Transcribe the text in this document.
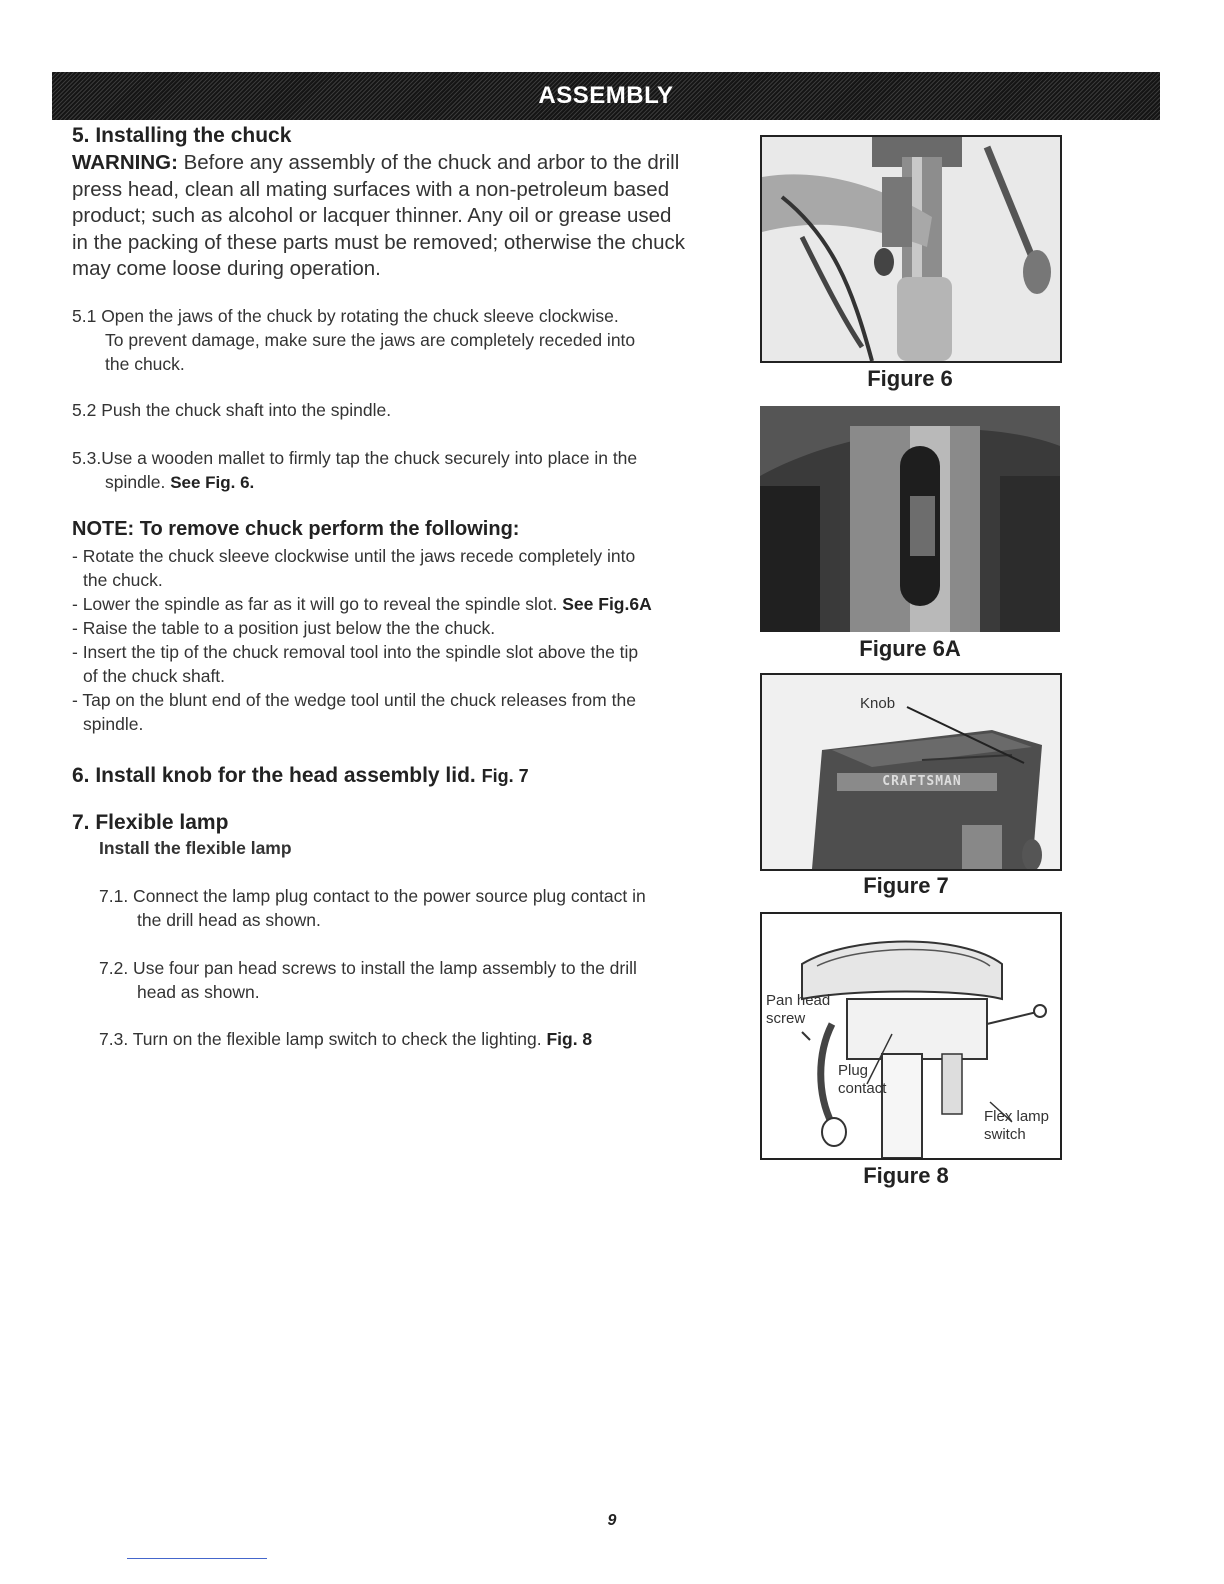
ASSEMBLY
5. Installing the chuck
WARNING: Before any assembly of the chuck and arbor to the drill
press head, clean all mating surfaces with a non-petroleum based
product; such as alcohol or lacquer thinner. Any oil or grease used
in the packing of these parts must be removed; otherwise the chuck
may come loose during operation.
5.1 Open the jaws of the chuck by rotating the chuck sleeve clockwise.
To prevent damage, make sure the jaws are completely receded into
the chuck.
5.2 Push the chuck shaft into the spindle.
5.3.Use a wooden mallet to firmly tap the chuck securely into place in the
spindle. See Fig. 6.
NOTE: To remove chuck perform the following:
- Rotate the chuck sleeve clockwise until the jaws recede completely into
the chuck.
- Lower the spindle as far as it will go to reveal the spindle slot. See Fig.6A
- Raise the table to a position just below the the chuck.
- Insert the tip of the chuck removal tool into the spindle slot above the tip
of the chuck shaft.
- Tap on the blunt end of the wedge tool until the chuck releases from the
spindle.
6. Install knob for the head assembly lid. Fig. 7
7. Flexible lamp
Install the flexible lamp
7.1. Connect the lamp plug contact to the power source plug contact in
the drill head as shown.
7.2. Use four pan head screws to install the lamp assembly to the drill
head as shown.
7.3. Turn on the flexible lamp switch to check the lighting. Fig. 8
Figure 6
Figure 6A
Knob
CRAFTSMAN
Figure 7
Pan head
screw
Plug
contact
Flex lamp
switch
Figure 8
9
